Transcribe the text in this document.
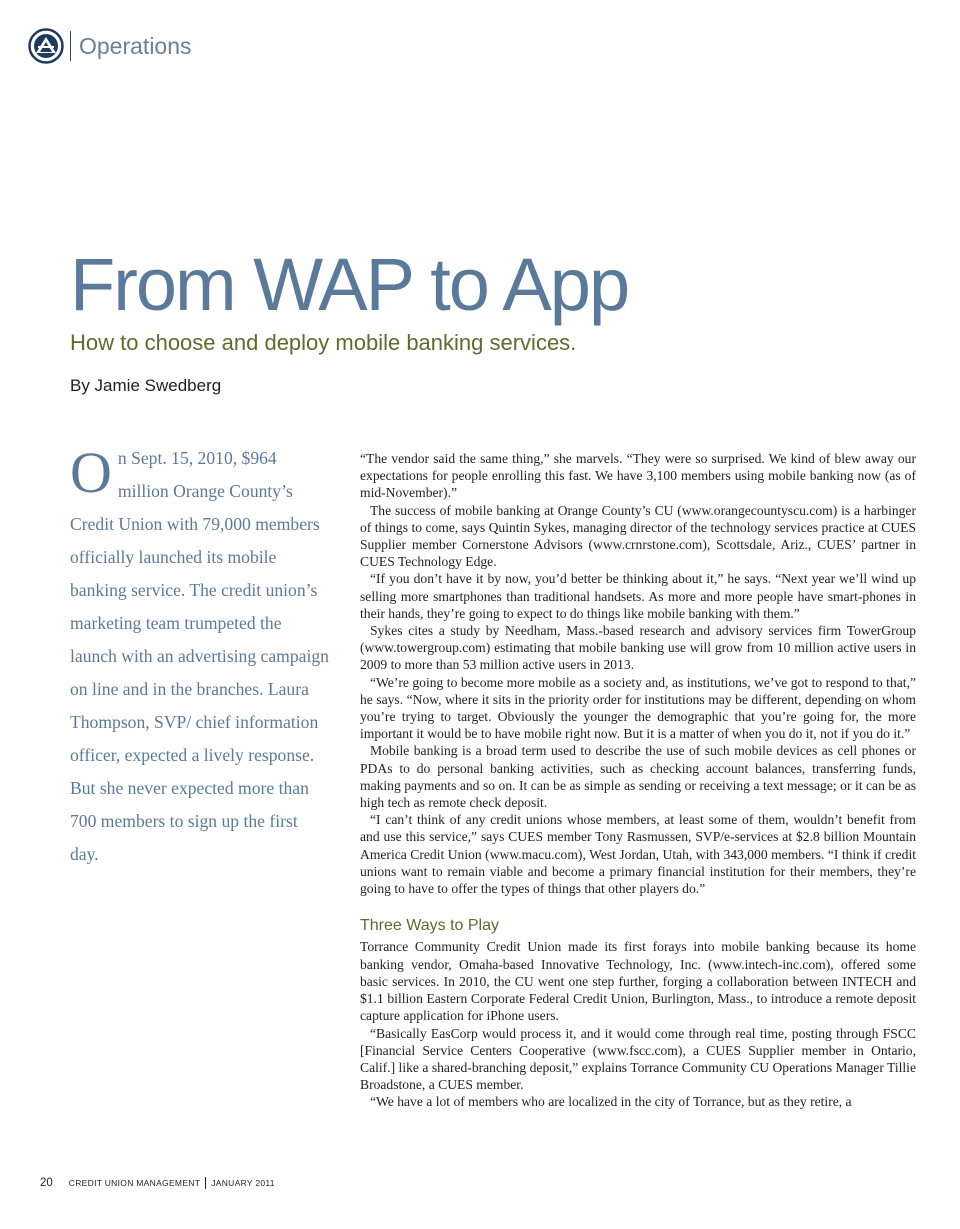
Operations
From WAP to App
How to choose and deploy mobile banking services.

By Jamie Swedberg

O n Sept. 15, 2010, $964 million Orange County’s Credit Union with 79,000 members officially launched its mobile banking service. The credit union’s marketing team trumpeted the launch with an advertising campaign on line and in the branches. Laura Thompson, SVP/ chief information officer, expected a lively response. But she never expected more than 700 members to sign up the first day.

“The vendor said the same thing,” she marvels. “They were so surprised. We kind of blew away our expectations for people enrolling this fast. We have 3,100 members using mobile banking now (as of mid-November).”

The success of mobile banking at Orange County’s CU (www.orangecountyscu.com) is a harbinger of things to come, says Quintin Sykes, managing director of the technology services practice at CUES Supplier member Cornerstone Advisors (www.crnrstone.com), Scottsdale, Ariz., CUES’ partner in CUES Technology Edge.

“If you don’t have it by now, you’d better be thinking about it,” he says. “Next year we’ll wind up selling more smartphones than traditional handsets. As more and more people have smart-phones in their hands, they’re going to expect to do things like mobile banking with them.”

Sykes cites a study by Needham, Mass.-based research and advisory services firm TowerGroup (www.towergroup.com) estimating that mobile banking use will grow from 10 million active users in 2009 to more than 53 million active users in 2013.

“We’re going to become more mobile as a society and, as institutions, we’ve got to respond to that,” he says. “Now, where it sits in the priority order for institutions may be different, depending on whom you’re trying to target. Obviously the younger the demographic that you’re going for, the more important it would be to have mobile right now. But it is a matter of when you do it, not if you do it.”

Mobile banking is a broad term used to describe the use of such mobile devices as cell phones or PDAs to do personal banking activities, such as checking account balances, transferring funds, making payments and so on. It can be as simple as sending or receiving a text message; or it can be as high tech as remote check deposit.

“I can’t think of any credit unions whose members, at least some of them, wouldn’t benefit from and use this service,” says CUES member Tony Rasmussen, SVP/e-services at $2.8 billion Mountain America Credit Union (www.macu.com), West Jordan, Utah, with 343,000 members. “I think if credit unions want to remain viable and become a primary financial institution for their members, they’re going to have to offer the types of things that other players do.”

Three Ways to Play

Torrance Community Credit Union made its first forays into mobile banking because its home banking vendor, Omaha-based Innovative Technology, Inc. (www.intech-inc.com), offered some basic services. In 2010, the CU went one step further, forging a collaboration between INTECH and $1.1 billion Eastern Corporate Federal Credit Union, Burlington, Mass., to introduce a remote deposit capture application for iPhone users.

“Basically EasCorp would process it, and it would come through real time, posting through FSCC [Financial Service Centers Cooperative (www.fscc.com), a CUES Supplier member in Ontario, Calif.] like a shared-branching deposit,” explains Torrance Community CU Operations Manager Tillie Broadstone, a CUES member.

“We have a lot of members who are localized in the city of Torrance, but as they retire, a

20 CREDIT UNION MANAGEMENT JANUARY 2011
